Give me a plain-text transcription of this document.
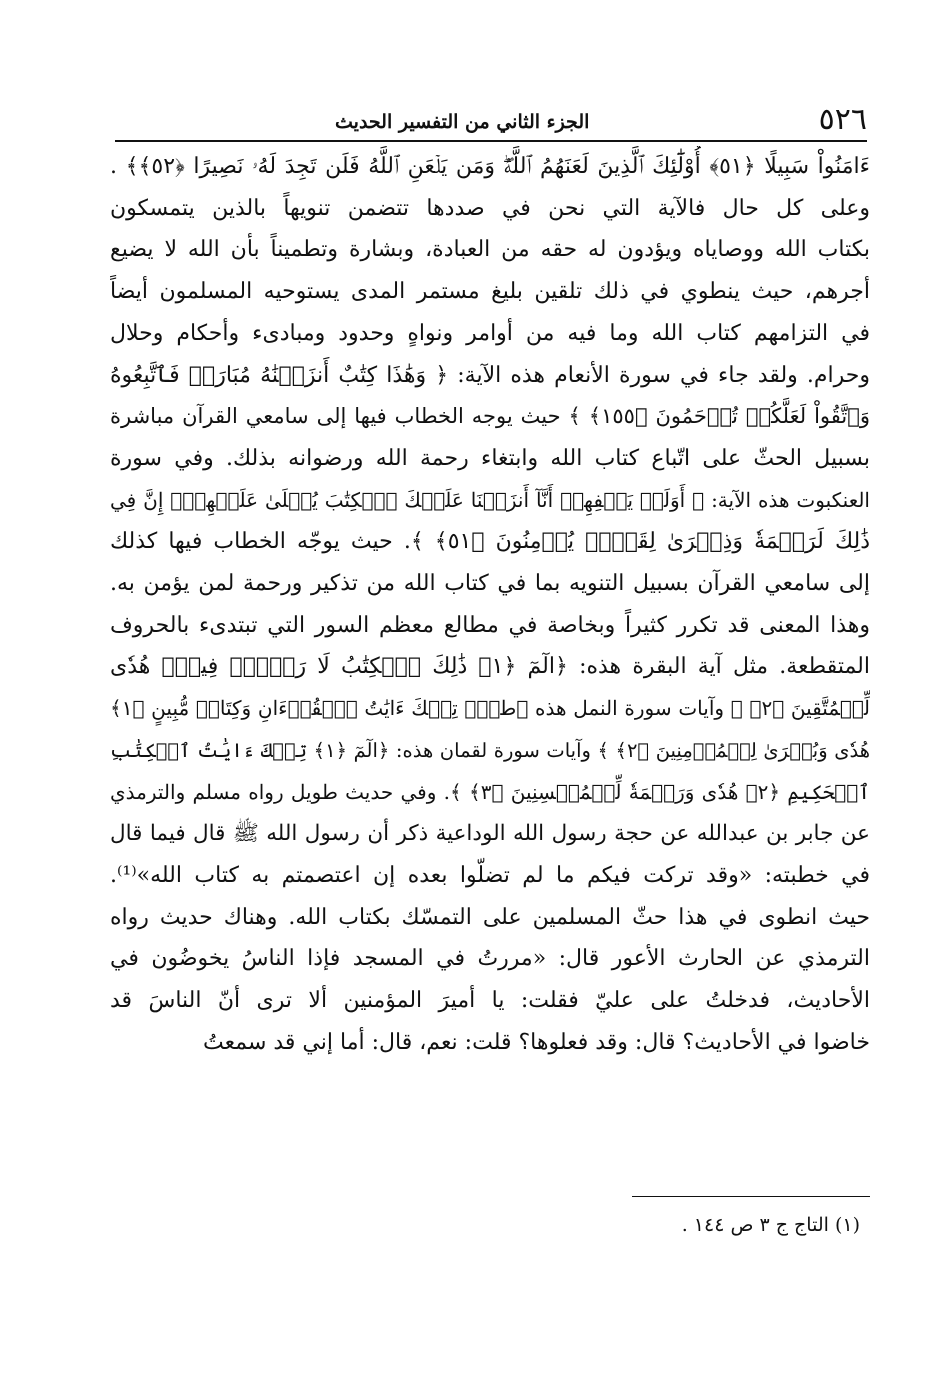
٥٢٦
الجزء الثاني من التفسير الحديث
ءَامَنُواْ سَبِيلًا ﴿٥١﴾ أُوْلَٰٓئِكَ ٱلَّذِينَ لَعَنَهُمُ ٱللَّهُۖ وَمَن يَلۡعَنِ ٱللَّهُ فَلَن تَجِدَ لَهُۥ نَصِيرًا ﴿٥٢﴾﴾ .
وعلى كل حال فالآية التي نحن في صددها تتضمن تنويهاً بالذين يتمسكون
بكتاب الله ووصاياه ويؤدون له حقه من العبادة، وبشارة وتطميناً بأن الله لا يضيع
أجرهم، حيث ينطوي في ذلك تلقين بليغ مستمر المدى يستوحيه المسلمون أيضاً
في التزامهم كتاب الله وما فيه من أوامر ونواهٍ وحدود ومبادىء وأحكام وحلال
وحرام. ولقد جاء في سورة الأنعام هذه الآية: ﴿ وَهَٰذَا كِتَٰبٌ أَنزَلۡنَٰهُ مُبَارَكٞ فَٱتَّبِعُوهُ
وَٱتَّقُواْ لَعَلَّكُمۡ تُرۡحَمُونَ ﴿١٥٥﴾ ﴾ حيث يوجه الخطاب فيها إلى سامعي القرآن مباشرة
بسبيل الحثّ على اتّباع كتاب الله وابتغاء رحمة الله ورضوانه بذلك. وفي سورة
العنكبوت هذه الآية: ﴿ أَوَلَمۡ يَكۡفِهِمۡ أَنَّآ أَنزَلۡنَا عَلَيۡكَ ٱلۡكِتَٰبَ يُتۡلَىٰ عَلَيۡهِمۡۚ إِنَّ فِي
ذَٰلِكَ لَرَحۡمَةٗ وَذِكۡرَىٰ لِقَوۡمٖ يُؤۡمِنُونَ ﴿٥١﴾ ﴾. حيث يوجّه الخطاب فيها كذلك
إلى سامعي القرآن بسبيل التنويه بما في كتاب الله من تذكير ورحمة لمن يؤمن به.
وهذا المعنى قد تكرر كثيراً وبخاصة في مطالع معظم السور التي تبتدىء بالحروف
المتقطعة. مثل آية البقرة هذه: ﴿الٓمٓ ﴿١﴾ ذَٰلِكَ ٱلۡكِتَٰبُ لَا رَيۡبَۛ فِيهِۛ هُدٗى
لِّلۡمُتَّقِينَ ﴿٢﴾ ﴾ وآيات سورة النمل هذه ﴿طسٓۚ تِلۡكَ ءَايَٰتُ ٱلۡقُرۡءَانِ وَكِتَابٖ مُّبِينٍ ﴿١﴾
هُدٗى وَبُشۡرَىٰ لِلۡمُؤۡمِنِينَ ﴿٢﴾ ﴾ وآيات سورة لقمان هذه: ﴿الٓمٓ ﴿١﴾ تِلۡكَ ءَايَٰتُ ٱلۡكِتَٰبِ
ٱلۡحَكِيمِ ﴿٢﴾ هُدٗى وَرَحۡمَةٗ لِّلۡمُحۡسِنِينَ ﴿٣﴾ ﴾. وفي حديث طويل رواه مسلم والترمذي
عن جابر بن عبدالله عن حجة رسول الله الوداعية ذكر أن رسول الله ﷺ قال فيما قال
في خطبته: «وقد تركت فيكم ما لم تضلّوا بعده إن اعتصمتم به كتاب الله»⁽¹⁾.
حيث انطوى في هذا حثّ المسلمين على التمسّك بكتاب الله. وهناك حديث رواه
الترمذي عن الحارث الأعور قال: «مررتُ في المسجد فإذا الناسُ يخوضُون في
الأحاديث، فدخلتُ على عليّ فقلت: يا أميرَ المؤمنين ألا ترى أنّ الناسَ قد
خاضوا في الأحاديث؟ قال: وقد فعلوها؟ قلت: نعم، قال: أما إني قد سمعتُ
(١) التاج ج ٣ ص ١٤٤ .
